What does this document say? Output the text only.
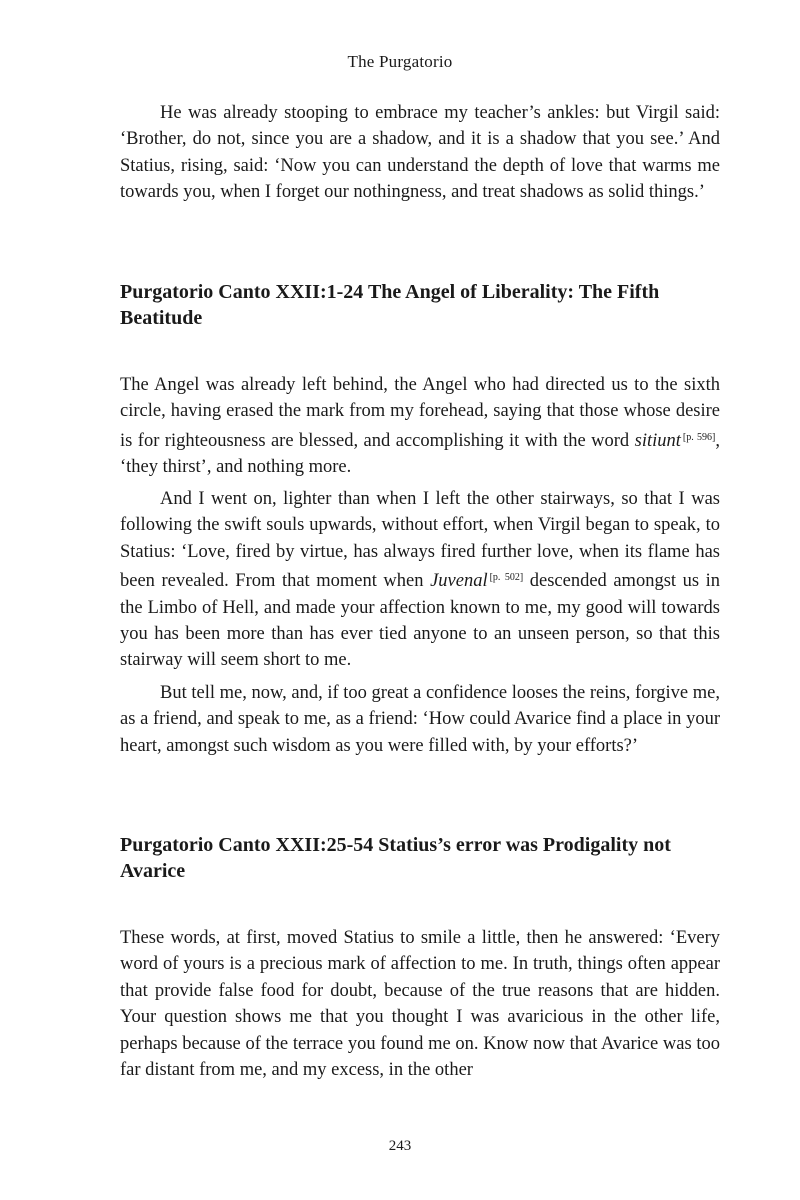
The Purgatorio

He was already stooping to embrace my teacher’s ankles: but Virgil said: ‘Brother, do not, since you are a shadow, and it is a shadow that you see.’ And Statius, rising, said: ‘Now you can understand the depth of love that warms me towards you, when I forget our nothingness, and treat shadows as solid things.’

Purgatorio Canto XXII:1-24 The Angel of Liberality: The Fifth Beatitude

The Angel was already left behind, the Angel who had directed us to the sixth circle, having erased the mark from my forehead, saying that those whose desire is for righteousness are blessed, and accomplishing it with the word sitiunt [p. 596], ‘they thirst’, and nothing more.

And I went on, lighter than when I left the other stairways, so that I was following the swift souls upwards, without effort, when Virgil began to speak, to Statius: ‘Love, fired by virtue, has always fired further love, when its flame has been revealed. From that moment when Juvenal [p. 502] descended amongst us in the Limbo of Hell, and made your affection known to me, my good will towards you has been more than has ever tied anyone to an unseen person, so that this stairway will seem short to me.

But tell me, now, and, if too great a confidence looses the reins, forgive me, as a friend, and speak to me, as a friend: ‘How could Avarice find a place in your heart, amongst such wisdom as you were filled with, by your efforts?’

Purgatorio Canto XXII:25-54 Statius’s error was Prodigality not Avarice

These words, at first, moved Statius to smile a little, then he answered: ‘Every word of yours is a precious mark of affection to me. In truth, things often appear that provide false food for doubt, because of the true reasons that are hidden. Your question shows me that you thought I was avaricious in the other life, perhaps because of the terrace you found me on. Know now that Avarice was too far distant from me, and my excess, in the other

243
